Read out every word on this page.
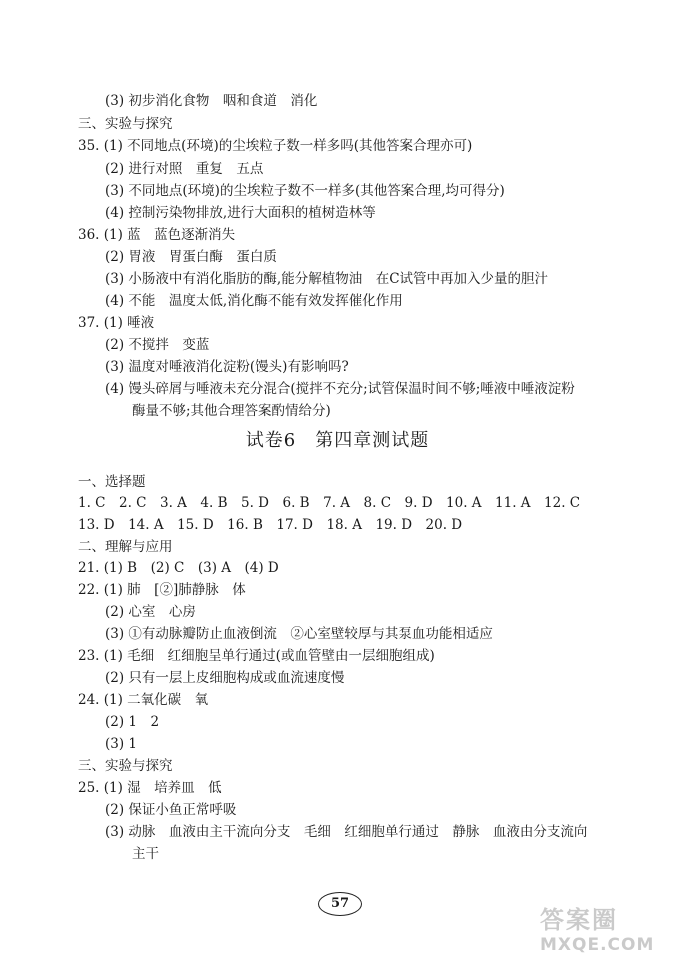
(3) 初步消化食物　咽和食道　消化
三、实验与探究
35. (1) 不同地点(环境)的尘埃粒子数一样多吗(其他答案合理亦可)
(2) 进行对照　重复　五点
(3) 不同地点(环境)的尘埃粒子数不一样多(其他答案合理,均可得分)
(4) 控制污染物排放,进行大面积的植树造林等
36. (1) 蓝　蓝色逐渐消失
(2) 胃液　胃蛋白酶　蛋白质
(3) 小肠液中有消化脂肪的酶,能分解植物油　在C试管中再加入少量的胆汁
(4) 不能　温度太低,消化酶不能有效发挥催化作用
37. (1) 唾液
(2) 不搅拌　变蓝
(3) 温度对唾液消化淀粉(馒头)有影响吗?
(4) 馒头碎屑与唾液未充分混合(搅拌不充分;试管保温时间不够;唾液中唾液淀粉
酶量不够;其他合理答案酌情给分)
试卷6　第四章测试题
一、选择题
1. C　2. C　3. A　4. B　5. D　6. B　7. A　8. C　9. D　10. A　11. A　12. C
13. D　14. A　15. D　16. B　17. D　18. A　19. D　20. D
二、理解与应用
21. (1) B　(2) C　(3) A　(4) D
22. (1) 肺　[②]肺静脉　体
(2) 心室　心房
(3) ①有动脉瓣防止血液倒流　②心室壁较厚与其泵血功能相适应
23. (1) 毛细　红细胞呈单行通过(或血管壁由一层细胞组成)
(2) 只有一层上皮细胞构成或血流速度慢
24. (1) 二氧化碳　氧
(2) 1　2
(3) 1
三、实验与探究
25. (1) 湿　培养皿　低
(2) 保证小鱼正常呼吸
(3) 动脉　血液由主干流向分支　毛细　红细胞单行通过　静脉　血液由分支流向
主干
57
答案圈
MXQE.COM
